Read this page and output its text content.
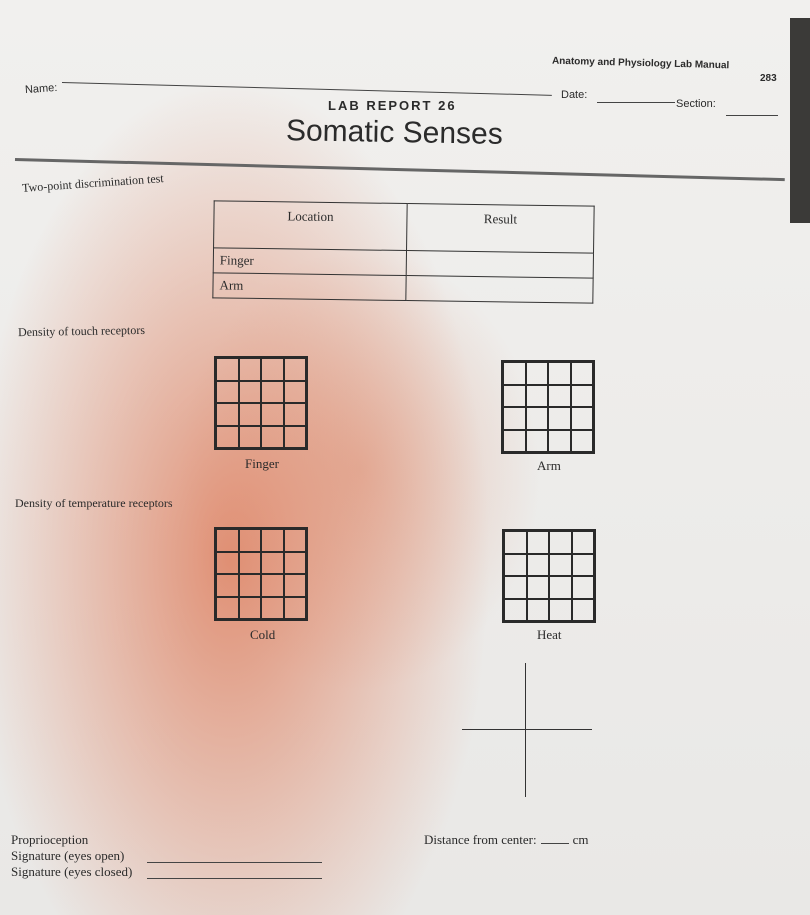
Anatomy and Physiology Lab Manual
283
Name:	Date:
Section:
LAB REPORT 26
Somatic Senses
Two-point discrimination test
Location	Result
Finger	
Arm	
Density of touch receptors
Finger	Arm
Density of temperature receptors
Cold	Heat
Proprioception
Signature (eyes open)
Signature (eyes closed)
Distance from center:	cm
